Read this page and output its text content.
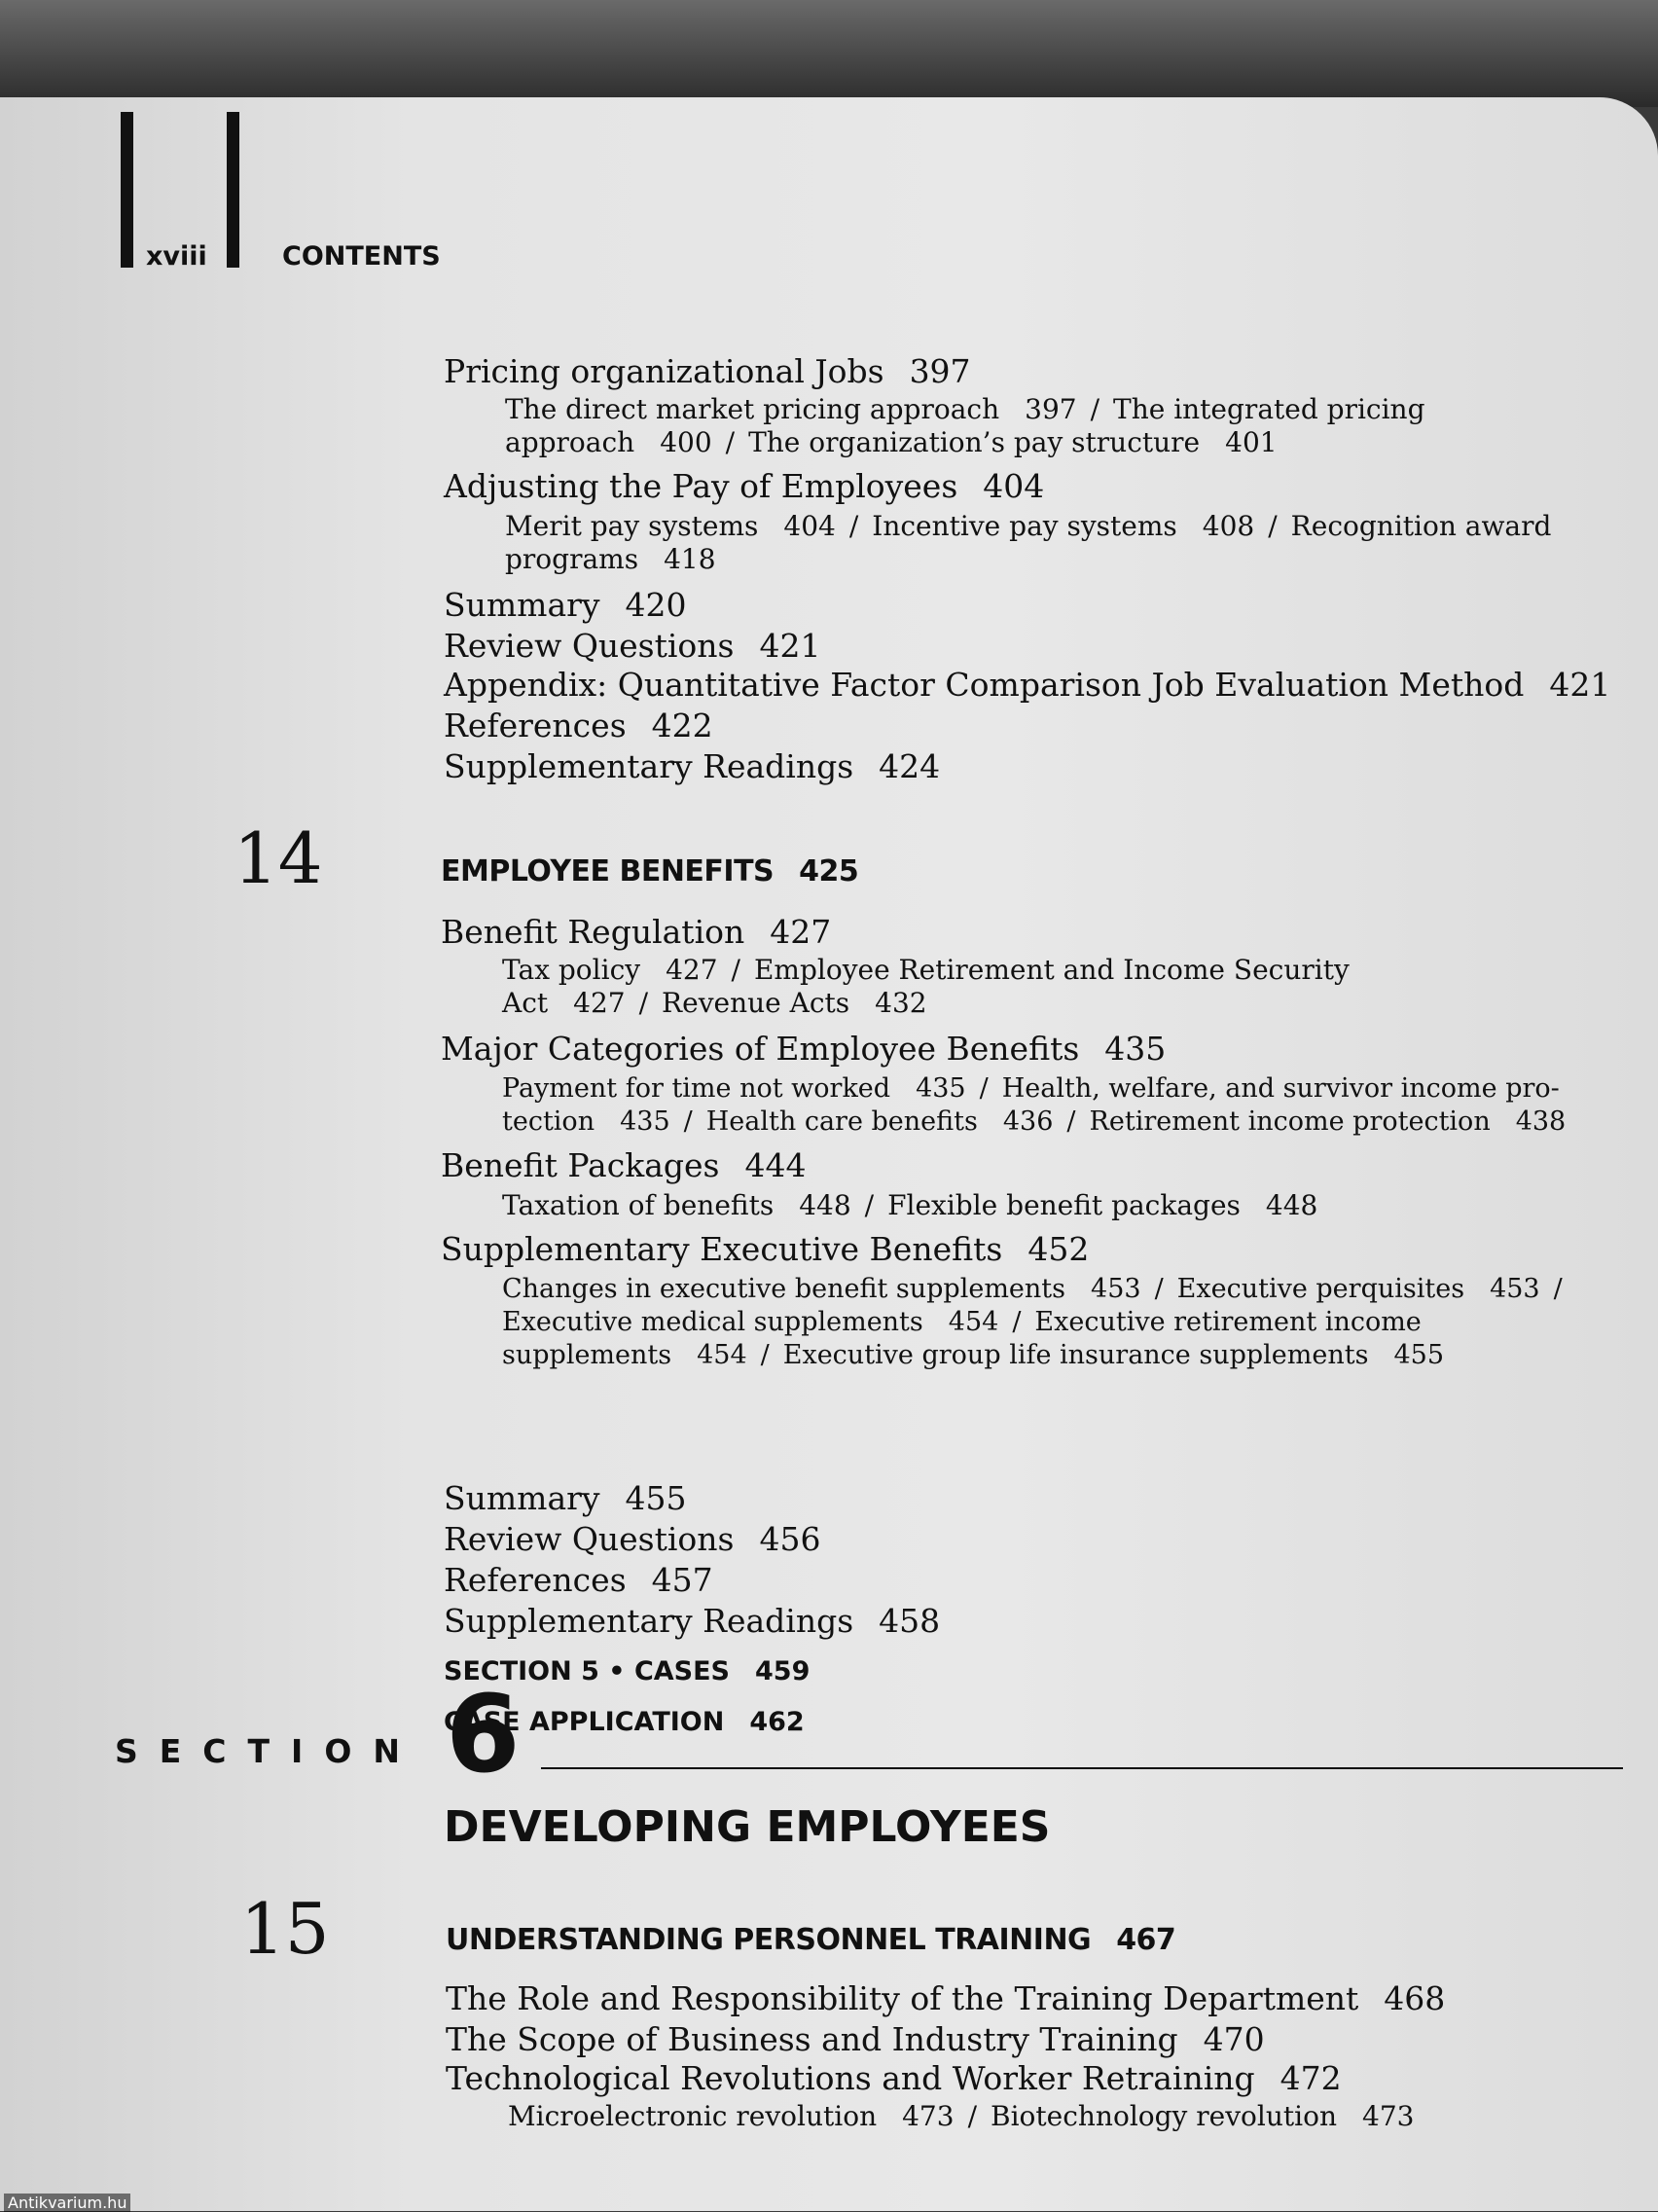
xviii	CONTENTS
Pricing organizational Jobs 397
The direct market pricing approach 397 / The integrated pricing
approach 400 / The organization’s pay structure 401
Adjusting the Pay of Employees 404
Merit pay systems 404 / Incentive pay systems 408 / Recognition award
programs 418
Summary 420
Review Questions 421
Appendix: Quantitative Factor Comparison Job Evaluation Method 421
References 422
Supplementary Readings 424
14	EMPLOYEE BENEFITS 425
Benefit Regulation 427
Tax policy 427 / Employee Retirement and Income Security
Act 427 / Revenue Acts 432
Major Categories of Employee Benefits 435
Payment for time not worked 435 / Health, welfare, and survivor income pro-
tection 435 / Health care benefits 436 / Retirement income protection 438
Benefit Packages 444
Taxation of benefits 448 / Flexible benefit packages 448
Supplementary Executive Benefits 452
Changes in executive benefit supplements 453 / Executive perquisites 453 /
Executive medical supplements 454 / Executive retirement income
supplements 454 / Executive group life insurance supplements 455
Summary 455
Review Questions 456
References 457
Supplementary Readings 458
SECTION 5 • CASES 459
CASE APPLICATION 462
SECTION 6
DEVELOPING EMPLOYEES
15	UNDERSTANDING PERSONNEL TRAINING 467
The Role and Responsibility of the Training Department 468
The Scope of Business and Industry Training 470
Technological Revolutions and Worker Retraining 472
Microelectronic revolution 473 / Biotechnology revolution 473
Antikvarium.hu
